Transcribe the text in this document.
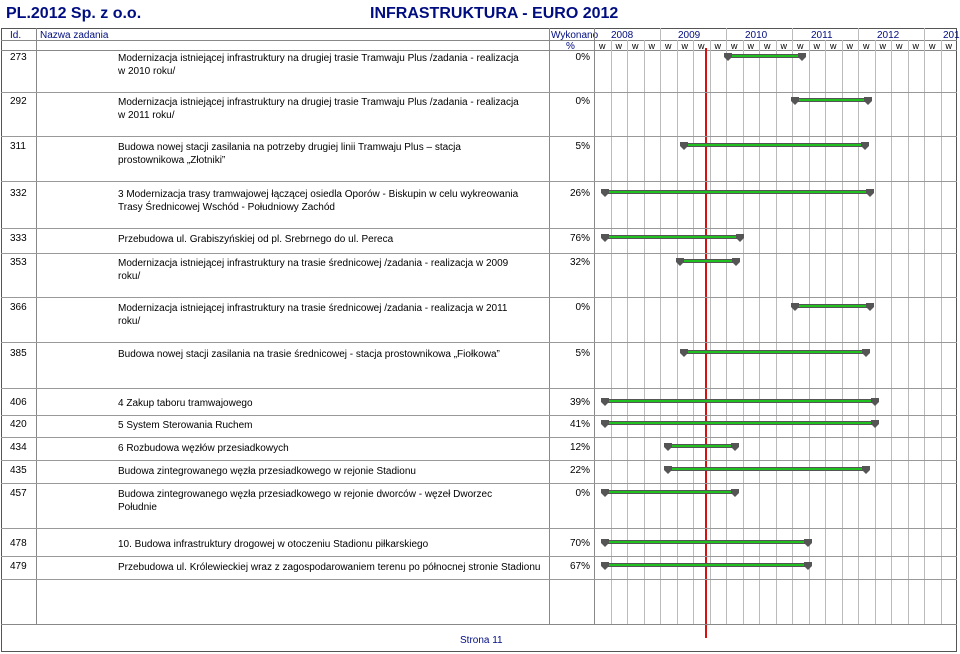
PL.2012 Sp. z o.o.	INFRASTRUKTURA - EURO 2012
Id. Nazwa zadania	Wykonano
%
2008	2009	2010	2011	2012	201
w w w w w w w w w w w w w w w w w w w w w w
273	Modernizacja istniejącej infrastruktury na drugiej trasie Tramwaju Plus /zadania - realizacja
w 2010 roku/
0%
292	Modernizacja istniejącej infrastruktury na drugiej trasie Tramwaju Plus /zadania - realizacja
w 2011 roku/
0%
311	Budowa nowej stacji zasilania na potrzeby drugiej linii Tramwaju Plus – stacja
prostownikowa „Złotniki”
5%
332	3 Modernizacja trasy tramwajowej łączącej osiedla Oporów - Biskupin w celu wykreowania
Trasy Średnicowej Wschód - Południowy Zachód
26%
333	Przebudowa ul. Grabiszyńskiej od pl. Srebrnego do ul. Pereca	76%
353	Modernizacja istniejącej infrastruktury na trasie średnicowej /zadania - realizacja w 2009
roku/
32%
366	Modernizacja istniejącej infrastruktury na trasie średnicowej /zadania - realizacja w 2011
roku/
0%
385	Budowa nowej stacji zasilania na trasie średnicowej - stacja prostownikowa „Fiołkowa”	5%
406	4 Zakup taboru tramwajowego	39%
420	5 System Sterowania Ruchem	41%
434	6 Rozbudowa węzłów przesiadkowych	12%
435	Budowa zintegrowanego węzła przesiadkowego w rejonie Stadionu	22%
457	Budowa zintegrowanego węzła przesiadkowego w rejonie dworców - węzeł Dworzec
Południe
0%
478	10. Budowa infrastruktury drogowej w otoczeniu Stadionu piłkarskiego	70%
479	Przebudowa ul. Królewieckiej wraz z zagospodarowaniem terenu po północnej stronie Stadionu	67%
Strona 11
